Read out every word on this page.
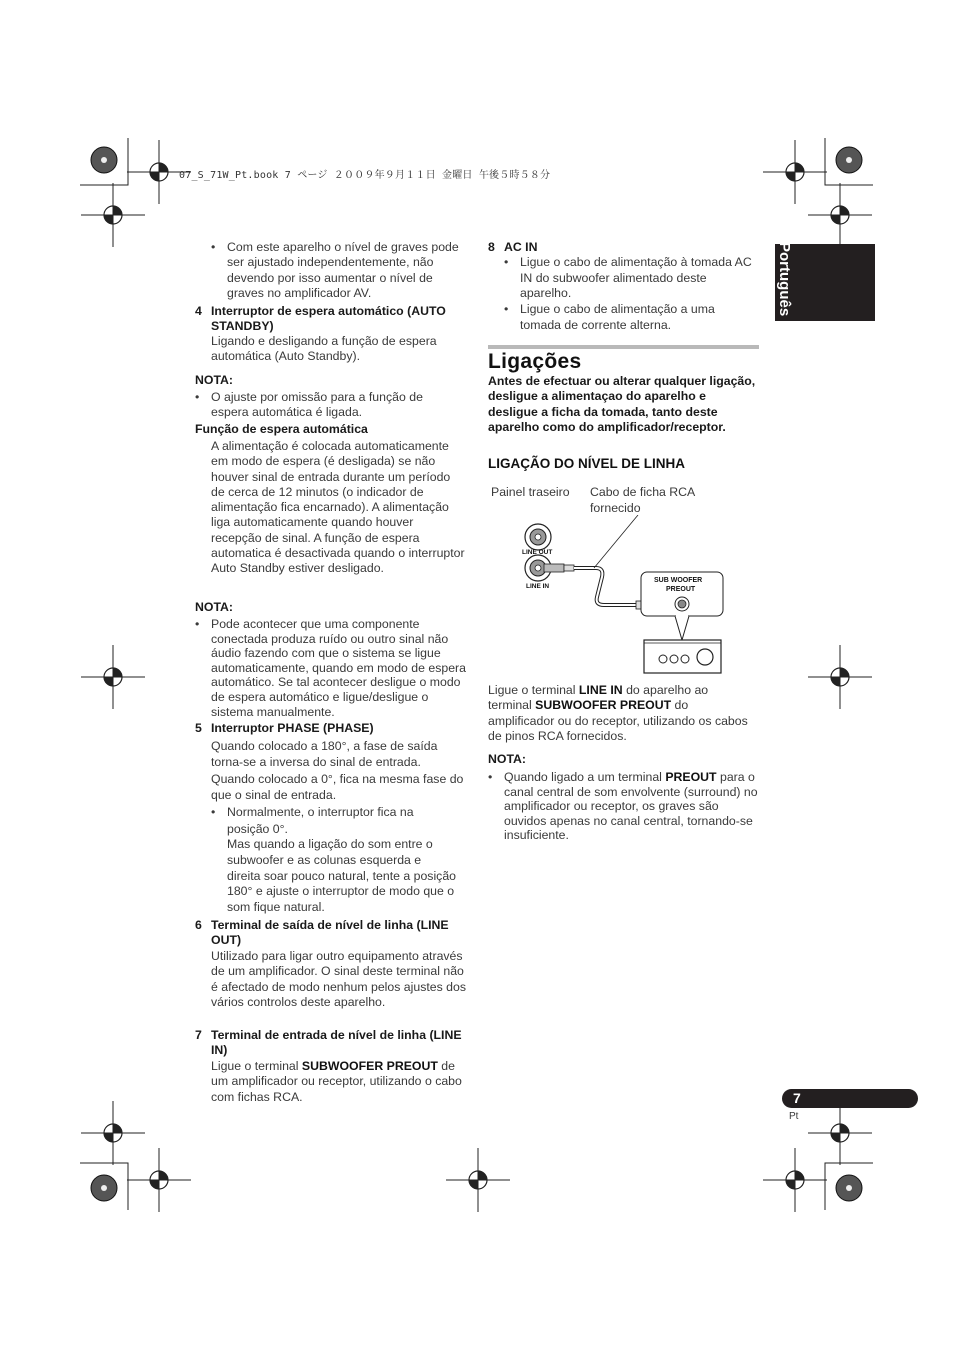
07_S_71W_Pt.book 7 ページ ２００９年９月１１日 金曜日 午後５時５８分
Português
7
Pt
• Com este aparelho o nível de graves pode ser ajustado independentemente, não devendo por isso aumentar o nível de graves no amplificador AV.
4 Interruptor de espera automático (AUTO STANDBY)
Ligando e desligando a função de espera automática (Auto Standby).
NOTA:
• O ajuste por omissão para a função de espera automática é ligada.
Função de espera automática
A alimentação é colocada automaticamente em modo de espera (é desligada) se não houver sinal de entrada durante um período de cerca de 12 minutos (o indicador de alimentação fica encarnado). A alimentação liga automaticamente quando houver recepção de sinal. A função de espera automatica é desactivada quando o interruptor Auto Standby estiver desligado.
NOTA:
• Pode acontecer que uma componente conectada produza ruído ou outro sinal não áudio fazendo com que o sistema se ligue automaticamente, quando em modo de espera automático. Se tal acontecer desligue o modo de espera automático e ligue/desligue o sistema manualmente.
5 Interruptor PHASE (PHASE)
Quando colocado a 180°, a fase de saída torna-se a inversa do sinal de entrada.
Quando colocado a 0°, fica na mesma fase do que o sinal de entrada.
• Normalmente, o interruptor fica na posição 0°.
Mas quando a ligação do som entre o subwoofer e as colunas esquerda e direita soar pouco natural, tente a posição 180° e ajuste o interruptor de modo que o som fique natural.
6 Terminal de saída de nível de linha (LINE OUT)
Utilizado para ligar outro equipamento através de um amplificador. O sinal deste terminal não é afectado de modo nenhum pelos ajustes dos vários controlos deste aparelho.
7 Terminal de entrada de nível de linha (LINE IN)
Ligue o terminal SUBWOOFER PREOUT de um amplificador ou receptor, utilizando o cabo com fichas RCA.
8 AC IN
• Ligue o cabo de alimentação à tomada AC IN do subwoofer alimentado deste aparelho.
• Ligue o cabo de alimentação a uma tomada de corrente alterna.
Ligações
Antes de efectuar ou alterar qualquer ligação, desligue a alimentaçao do aparelho e desligue a ficha da tomada, tanto deste aparelho como do amplificador/receptor.
LIGAÇÃO DO NÍVEL DE LINHA
Painel traseiro Cabo de ficha RCA
fornecido
LINE OUT
LINE IN
SUB WOOFER
PREOUT
Ligue o terminal LINE IN do aparelho ao terminal SUBWOOFER PREOUT do amplificador ou do receptor, utilizando os cabos de pinos RCA fornecidos.
NOTA:
• Quando ligado a um terminal PREOUT para o canal central de som envolvente (surround) no amplificador ou receptor, os graves são ouvidos apenas no canal central, tornando-se insuficiente.
